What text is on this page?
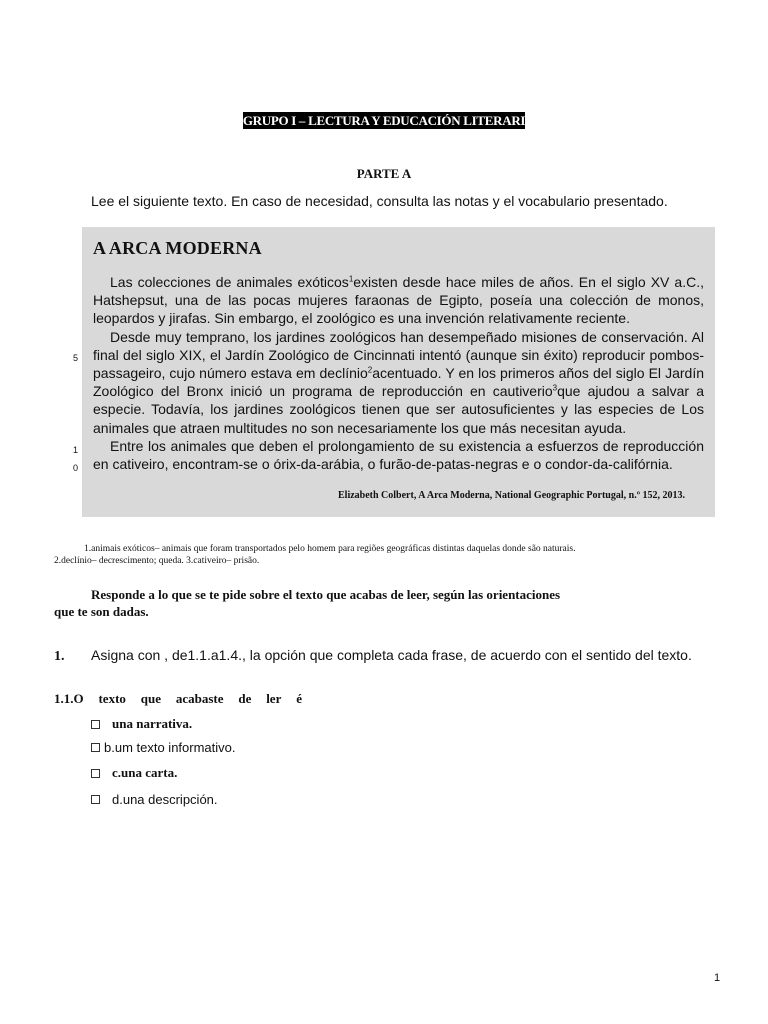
GRUPO I – LECTURA Y EDUCACIÓN LITERARI
PARTE A
Lee el siguiente texto. En caso de necesidad, consulta las notas y el vocabulario presentado.
A ARCA MODERNA

Las colecciones de animales exóticos$^1$existen desde hace miles de años. En el siglo XV a.C., Hatshepsut, una de las pocas mujeres faraonas de Egipto, poseía una colección de monos, leopardos y jirafas. Sin embargo, el zoológico es una invención relativamente reciente.

Desde muy temprano, los jardines zoológicos han desempeñado misiones de conservación. Al final del siglo XIX, el Jardín Zoológico de Cincinnati intentó (aunque sin éxito) reproducir pombos-passageiro, cujo número estava em declínio$^2$acentuado. Y en los primeros años del siglo El Jardín Zoológico del Bronx inició un programa de reproducción en cautiverio$^3$que ajudou a salvar a especie. Todavía, los jardines zoológicos tienen que ser autosuficientes y las especies de Los animales que atraen multitudes no son necesariamente los que más necesitan ayuda.

Entre los animales que deben el prolongamiento de su existencia a esfuerzos de reproducción en cativeiro, encontram-se o órix-da-arábia, o furão-de-patas-negras e o condor-da-califórnia.

Elizabeth Colbert, A Arca Moderna, National Geographic Portugal, n.º 152, 2013.
5
1
0
1.animais exóticos– animais que foram transportados pelo homem para regiões geográficas distintas daquelas donde são naturais.
2.declínio– decrescimento; queda. 3.cativeiro– prisão.
Responde a lo que se te pide sobre el texto que acabas de leer, según las orientaciones
que te son dadas.
1. Asigna con , de1.1.a1.4., la opción que completa cada frase, de acuerdo con el sentido del texto.
1.1.O texto que acabaste de ler é
una narrativa.
b.um texto informativo.
c.una carta.
d.una descripción.
1
